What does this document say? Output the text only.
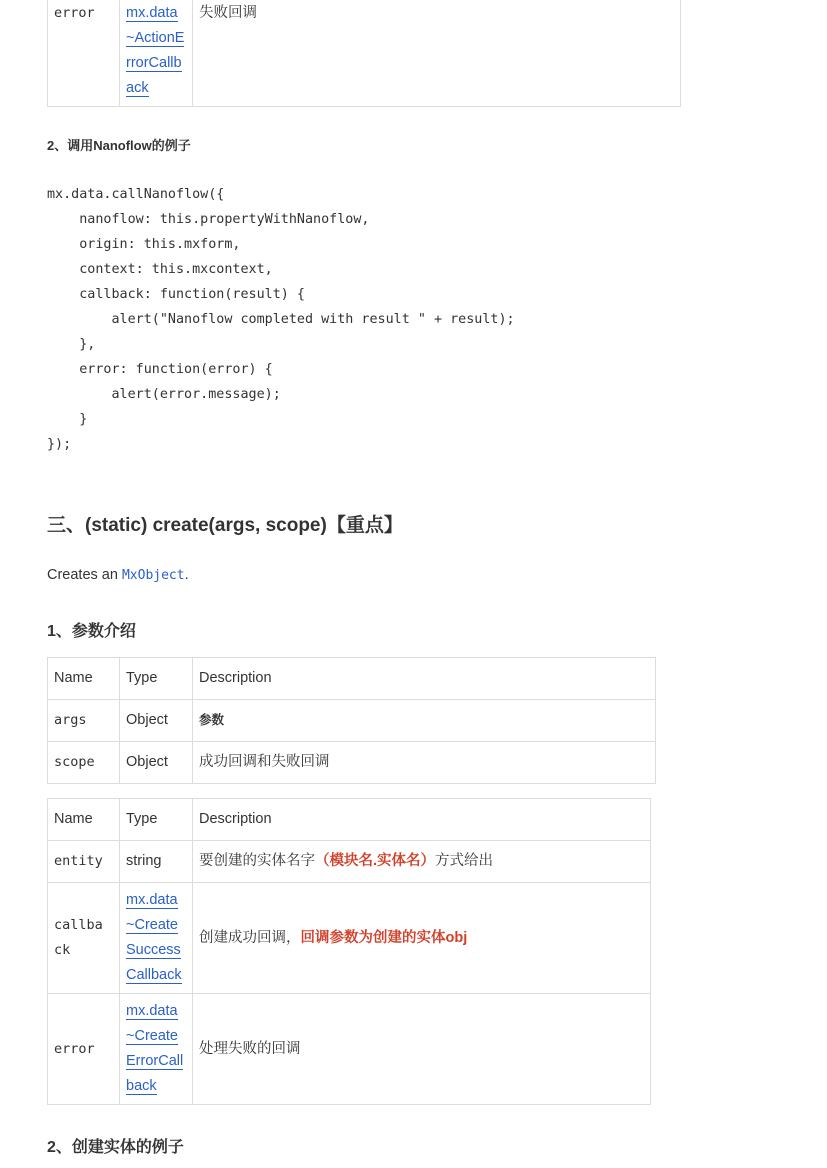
error	mx.data
~ActionE
rrorCallb
ack	失败回调
2、调用Nanoflow的例子
mx.data.callNanoflow({
nanoflow: this.propertyWithNanoflow,
origin: this.mxform,
context: this.mxcontext,
callback: function(result) {
alert("Nanoflow completed with result " + result);
},
error: function(error) {
alert(error.message);
}
});
三、(static) create(args, scope)【重点】
Creates an MxObject.
1、参数介绍
Name	Type	Description
args	Object	参数
scope	Object	成功回调和失败回调
Name	Type	Description
entity	string	要创建的实体名字（模块名.实体名）方式给出
callba
ck	mx.data
~Create
Success
Callback	创建成功回调，回调参数为创建的实体obj
error	mx.data
~Create
ErrorCall
back	处理失败的回调
2、创建实体的例子
